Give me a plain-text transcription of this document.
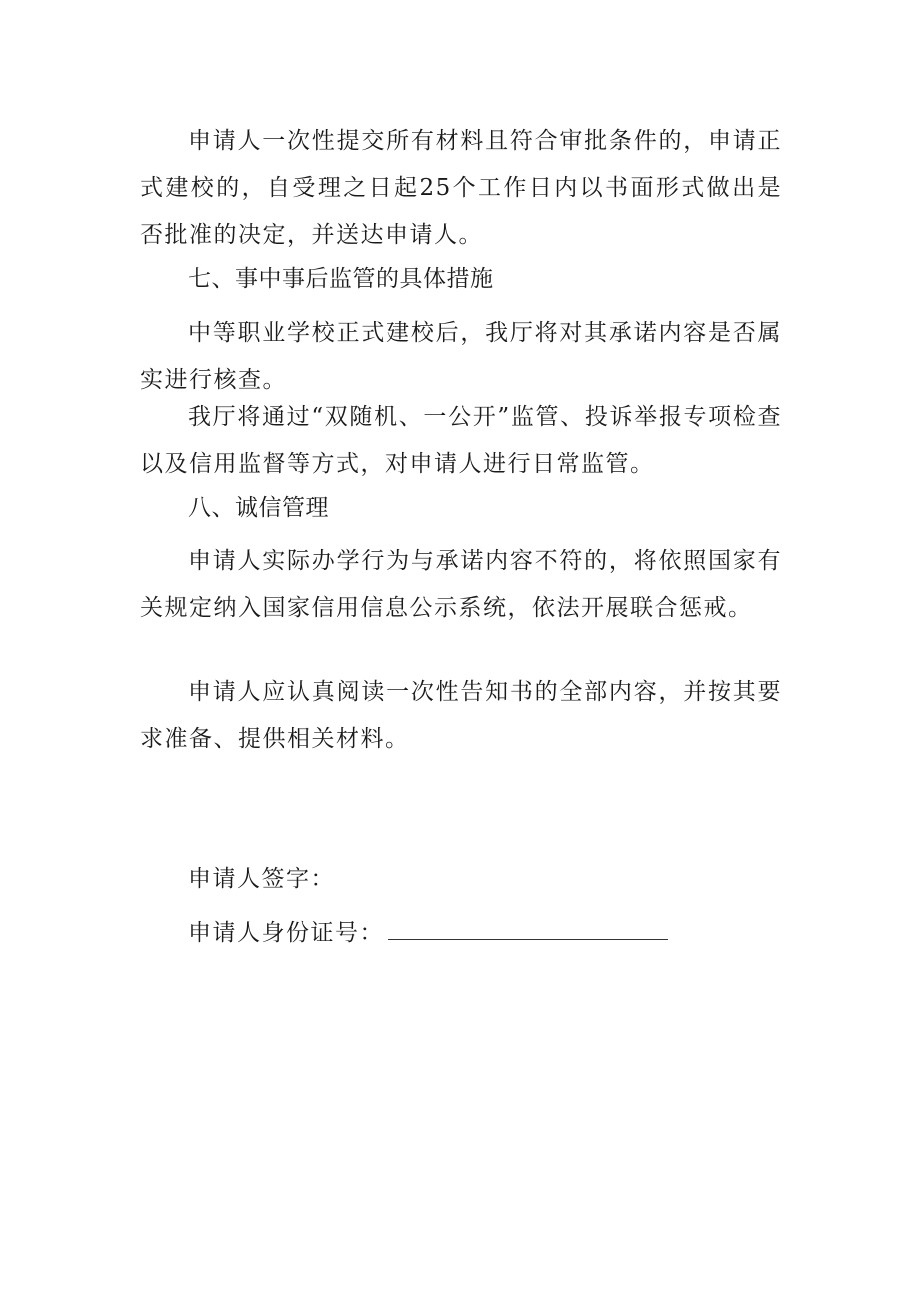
申请人一次性提交所有材料且符合审批条件的，申请正式建校的，自受理之日起25个工作日内以书面形式做出是否批准的决定，并送达申请人。

七、事中事后监管的具体措施

中等职业学校正式建校后，我厅将对其承诺内容是否属实进行核查。

我厅将通过“双随机、一公开”监管、投诉举报专项检查以及信用监督等方式，对申请人进行日常监管。

八、诚信管理

申请人实际办学行为与承诺内容不符的，将依照国家有关规定纳入国家信用信息公示系统，依法开展联合惩戒。

申请人应认真阅读一次性告知书的全部内容，并按其要求准备、提供相关材料。

申请人签字：
申请人身份证号：
